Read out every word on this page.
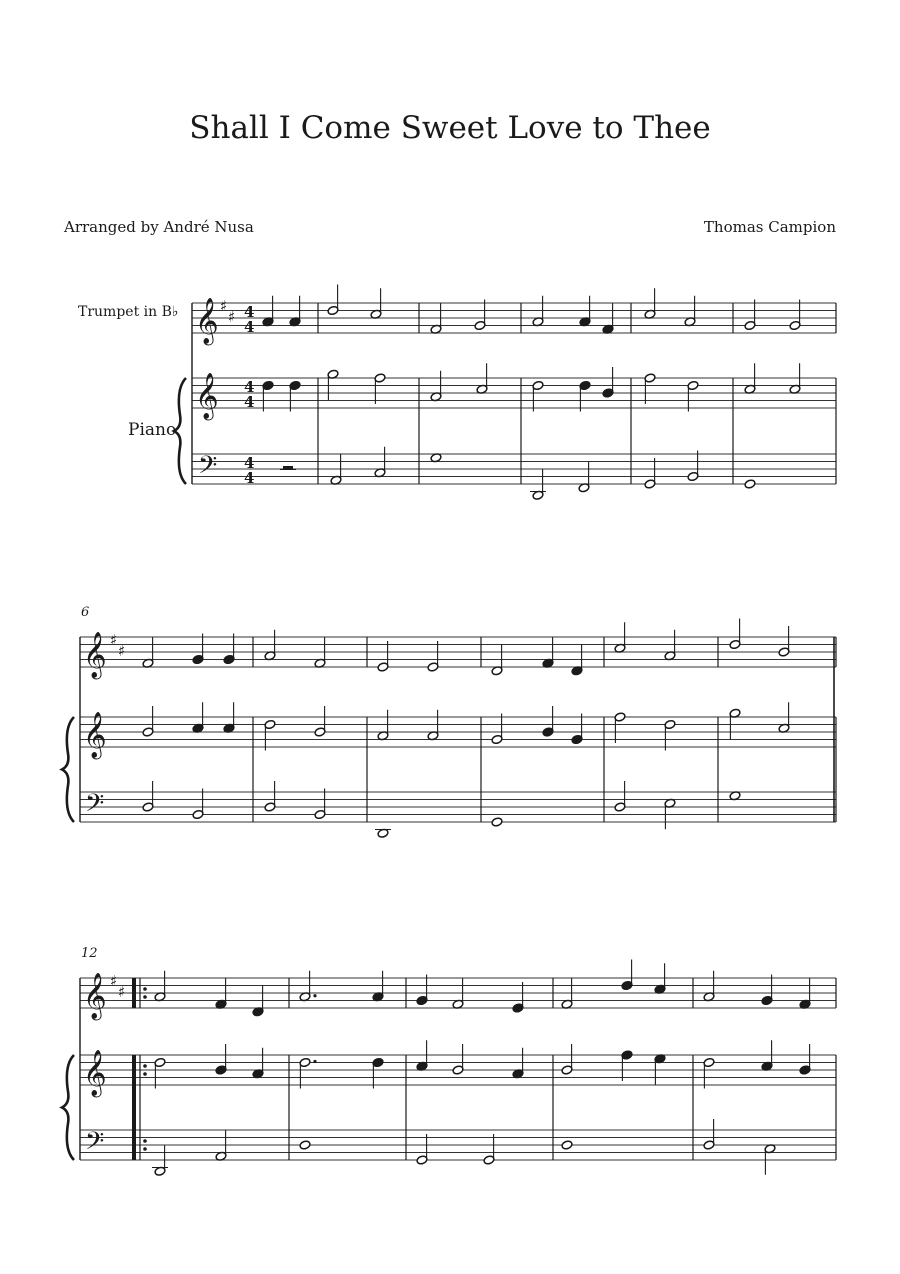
Shall I Come Sweet Love to Thee
Arranged by André Nusa	Thomas Campion
Trumpet in B♭
Piano
6
12
𝄞 ♯
♯ 4
4
𝄞 4
4
𝄢 4
4
𝄞 ♯
♯
𝄞
𝄢
𝄞 ♯
♯
𝄞
𝄢
